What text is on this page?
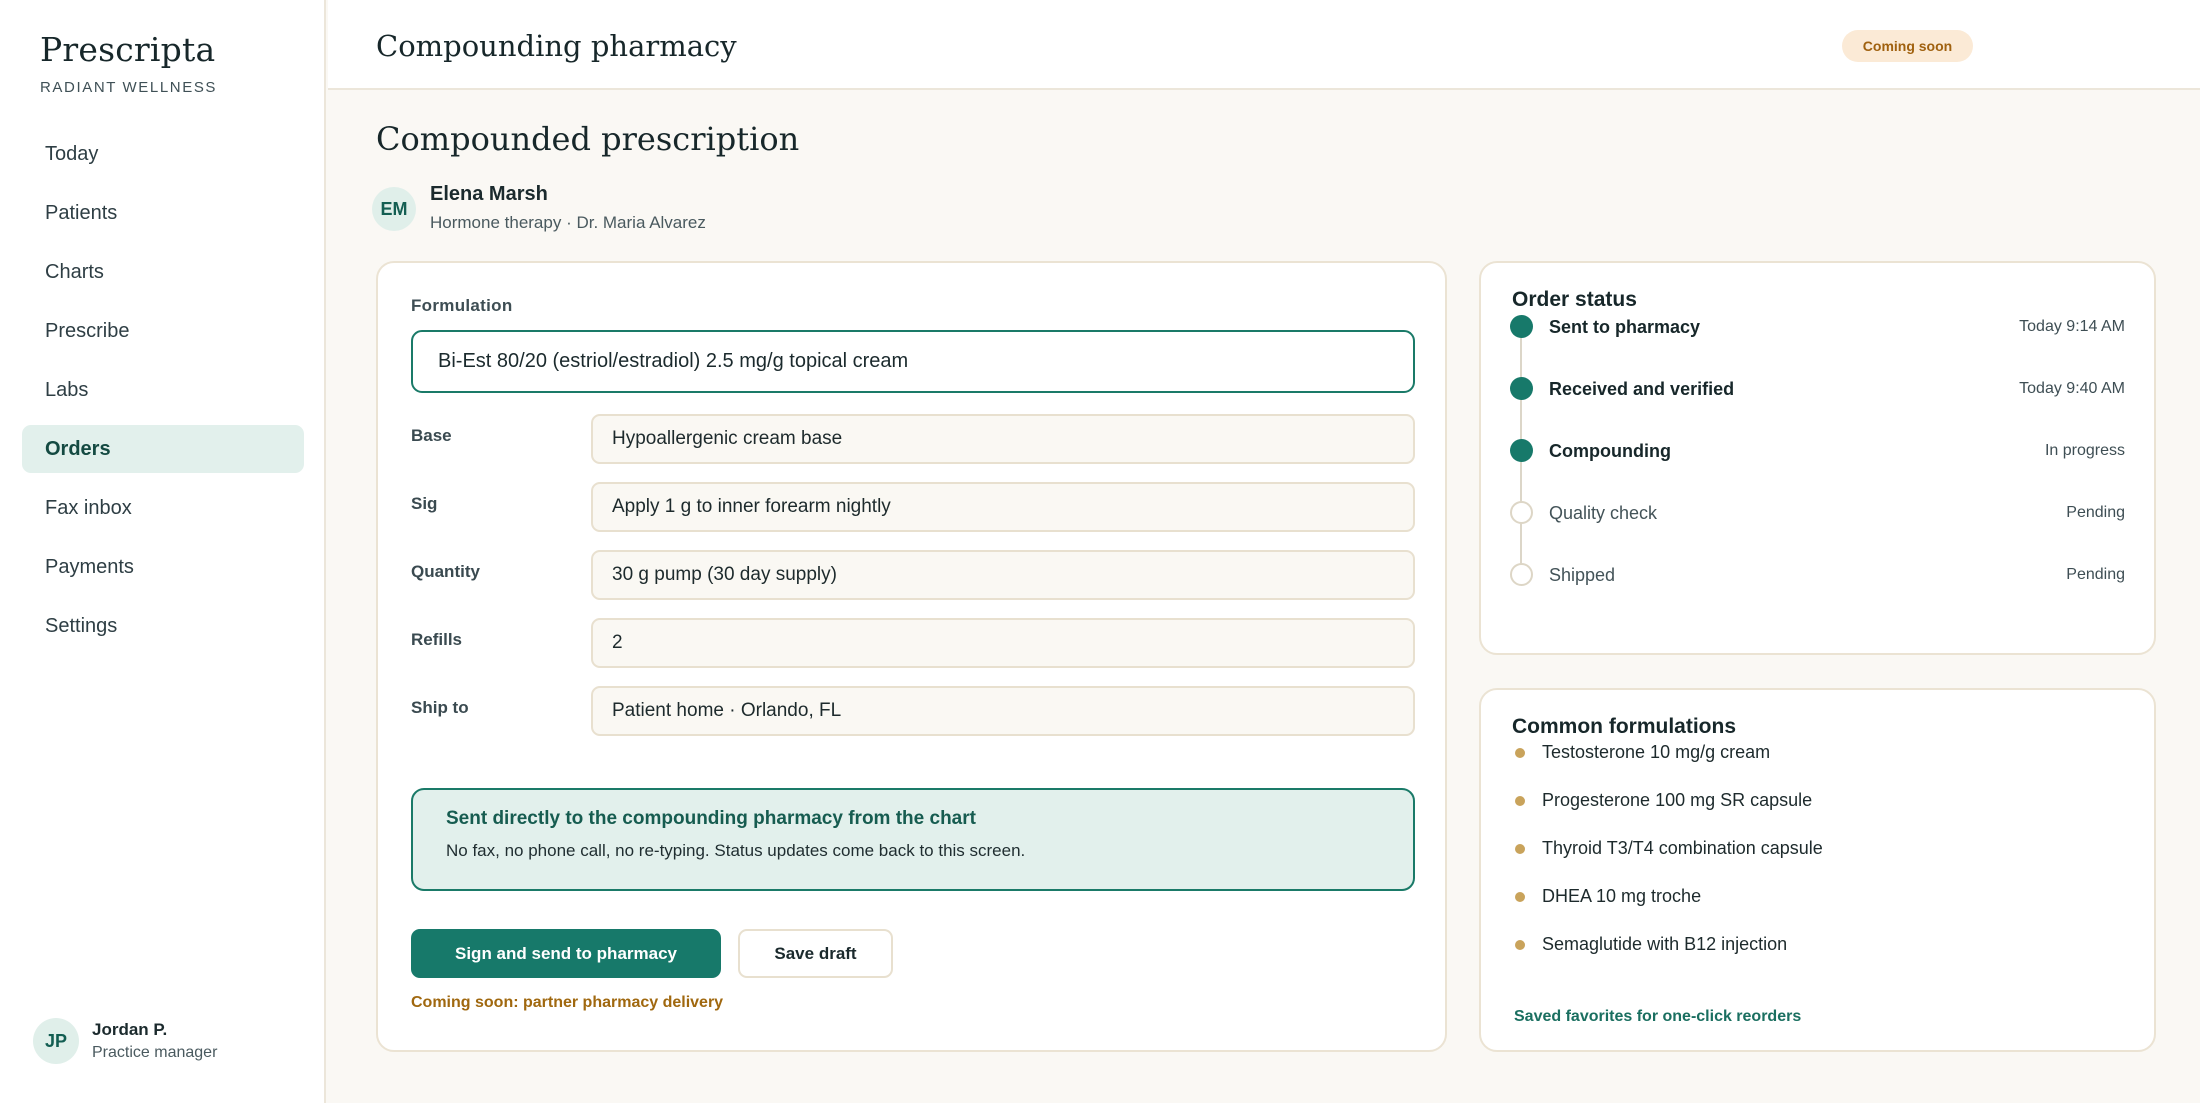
Prescripta
RADIANT WELLNESS
Today
Patients
Charts
Prescribe
Labs
Orders
Fax inbox
Payments
Settings
JP
Jordan P.
Practice manager
Compounding pharmacy	Coming soon
Compounded prescription
EM
Elena Marsh
Hormone therapy · Dr. Maria Alvarez
Formulation
Bi-Est 80/20 (estriol/estradiol) 2.5 mg/g topical cream
Base	Hypoallergenic cream base
Sig	Apply 1 g to inner forearm nightly
Quantity	30 g pump (30 day supply)
Refills	2
Ship to	Patient home · Orlando, FL
Sent directly to the compounding pharmacy from the chart
No fax, no phone call, no re-typing. Status updates come back to this screen.
Sign and send to pharmacy	Save draft
Coming soon: partner pharmacy delivery
Order status
Sent to pharmacy	Today 9:14 AM
Received and verified	Today 9:40 AM
Compounding	In progress
Quality check	Pending
Shipped	Pending
Common formulations
Testosterone 10 mg/g cream
Progesterone 100 mg SR capsule
Thyroid T3/T4 combination capsule
DHEA 10 mg troche
Semaglutide with B12 injection
Saved favorites for one-click reorders
